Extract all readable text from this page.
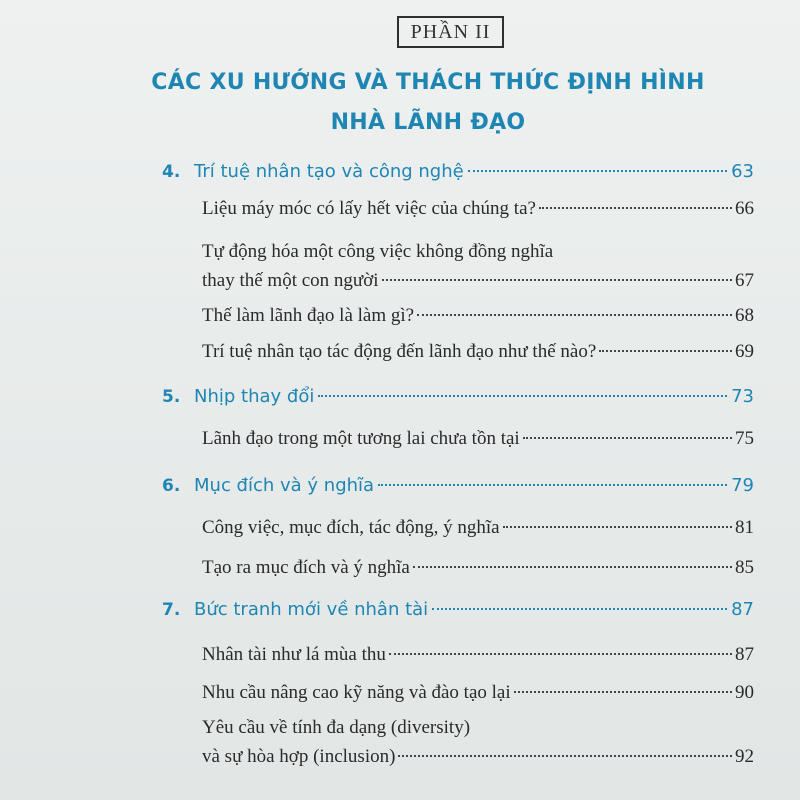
PHẦN II
CÁC XU HƯỚNG VÀ THÁCH THỨC ĐỊNH HÌNH
NHÀ LÃNH ĐẠO
4. Trí tuệ nhân tạo và công nghệ	63
Liệu máy móc có lấy hết việc của chúng ta?	66
Tự động hóa một công việc không đồng nghĩa
thay thế một con người	67
Thế làm lãnh đạo là làm gì?	68
Trí tuệ nhân tạo tác động đến lãnh đạo như thế nào?	69
5. Nhịp thay đổi	73
Lãnh đạo trong một tương lai chưa tồn tại	75
6. Mục đích và ý nghĩa	79
Công việc, mục đích, tác động, ý nghĩa	81
Tạo ra mục đích và ý nghĩa	85
7. Bức tranh mới về nhân tài	87
Nhân tài như lá mùa thu	87
Nhu cầu nâng cao kỹ năng và đào tạo lại	90
Yêu cầu về tính đa dạng (diversity)
và sự hòa hợp (inclusion)	92
